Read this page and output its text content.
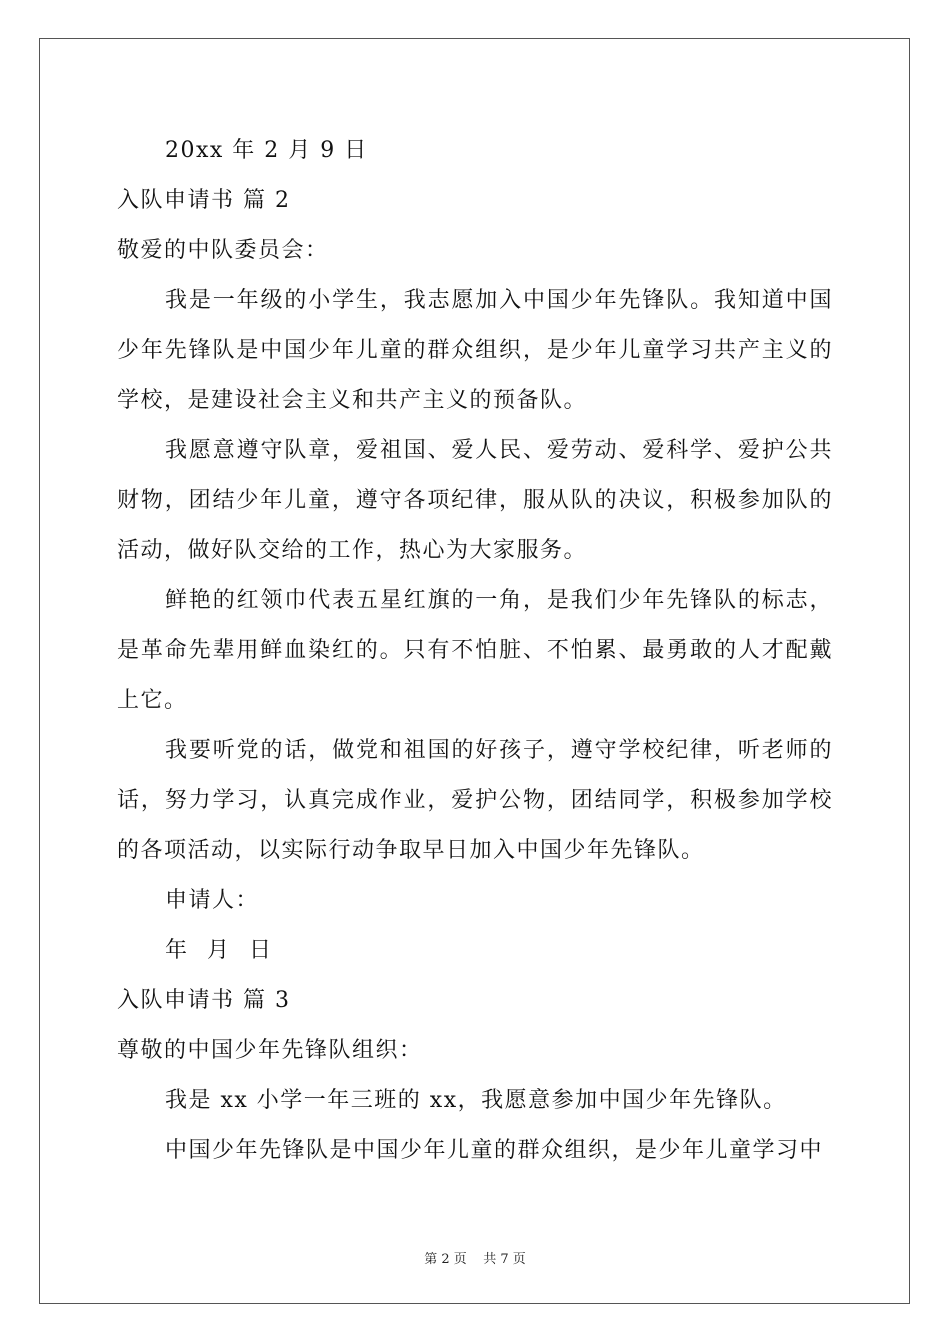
20xx 年 2 月 9 日

入队申请书 篇 2

敬爱的中队委员会：

我是一年级的小学生，我志愿加入中国少年先锋队。我知道中国少年先锋队是中国少年儿童的群众组织，是少年儿童学习共产主义的学校，是建设社会主义和共产主义的预备队。

我愿意遵守队章，爱祖国、爱人民、爱劳动、爱科学、爱护公共财物，团结少年儿童，遵守各项纪律，服从队的决议，积极参加队的活动，做好队交给的工作，热心为大家服务。

鲜艳的红领巾代表五星红旗的一角，是我们少年先锋队的标志，是革命先辈用鲜血染红的。只有不怕脏、不怕累、最勇敢的人才配戴上它。

我要听党的话，做党和祖国的好孩子，遵守学校纪律，听老师的话，努力学习，认真完成作业，爱护公物，团结同学，积极参加学校的各项活动，以实际行动争取早日加入中国少年先锋队。

申请人：

年 月 日

入队申请书 篇 3

尊敬的中国少年先锋队组织：

我是 xx 小学一年三班的 xx，我愿意参加中国少年先锋队。

中国少年先锋队是中国少年儿童的群众组织，是少年儿童学习中

第 2 页    共 7 页
